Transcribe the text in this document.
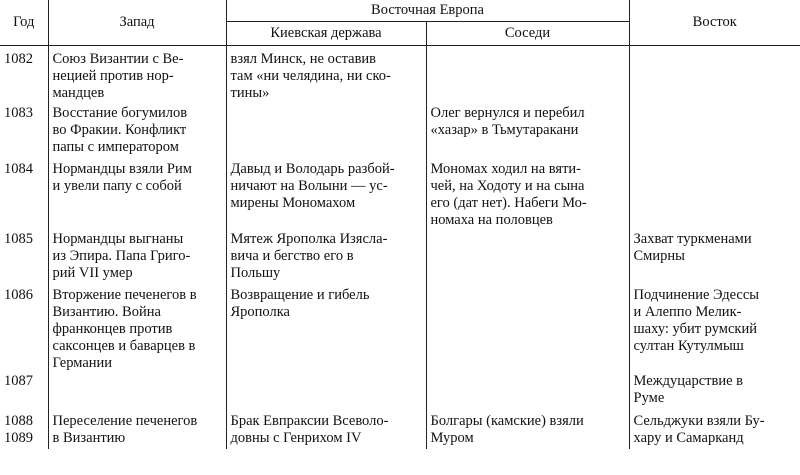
Год	Запад	Восточная Европа		Восток
		Киевская держава	Соседи	

1082	Союз Византии с Ве-
нецией против нор-
мандцев	взял Минск, не оставив
там «ни челядина, ни ско-
тины»		

1083	Восстание богумилов
во Фракии. Конфликт
папы с императором		Олег вернулся и перебил
«хазар» в Тьмутаракани	

1084	Нормандцы взяли Рим
и увели папу с собой	Давыд и Володарь разбой-
ничают на Волыни — ус-
мирены Мономахом	Мономах ходил на вяти-
чей, на Ходоту и на сына
его (дат нет). Набеги Мо-
номаха на половцев	

1085	Нормандцы выгнаны
из Эпира. Папа Григо-
рий VII умер	Мятеж Ярополка Изясла-
вича и бегство его в
Польшу		Захват туркменами
Смирны

1086	Вторжение печенегов в
Византию. Война
франконцев против
саксонцев и баварцев в
Германии	Возвращение и гибель
Ярополка		Подчинение Эдессы
и Алеппо Мелик-
шаху: убит румский
султан Кутулмыш

1087				Междуцарствие в
Руме

1088
1089	Переселение печенегов
в Византию	Брак Евпраксии Всеволо-
довны с Генрихом IV	Болгары (камские) взяли
Муром	Сельджуки взяли Бу-
хару и Самарканд
